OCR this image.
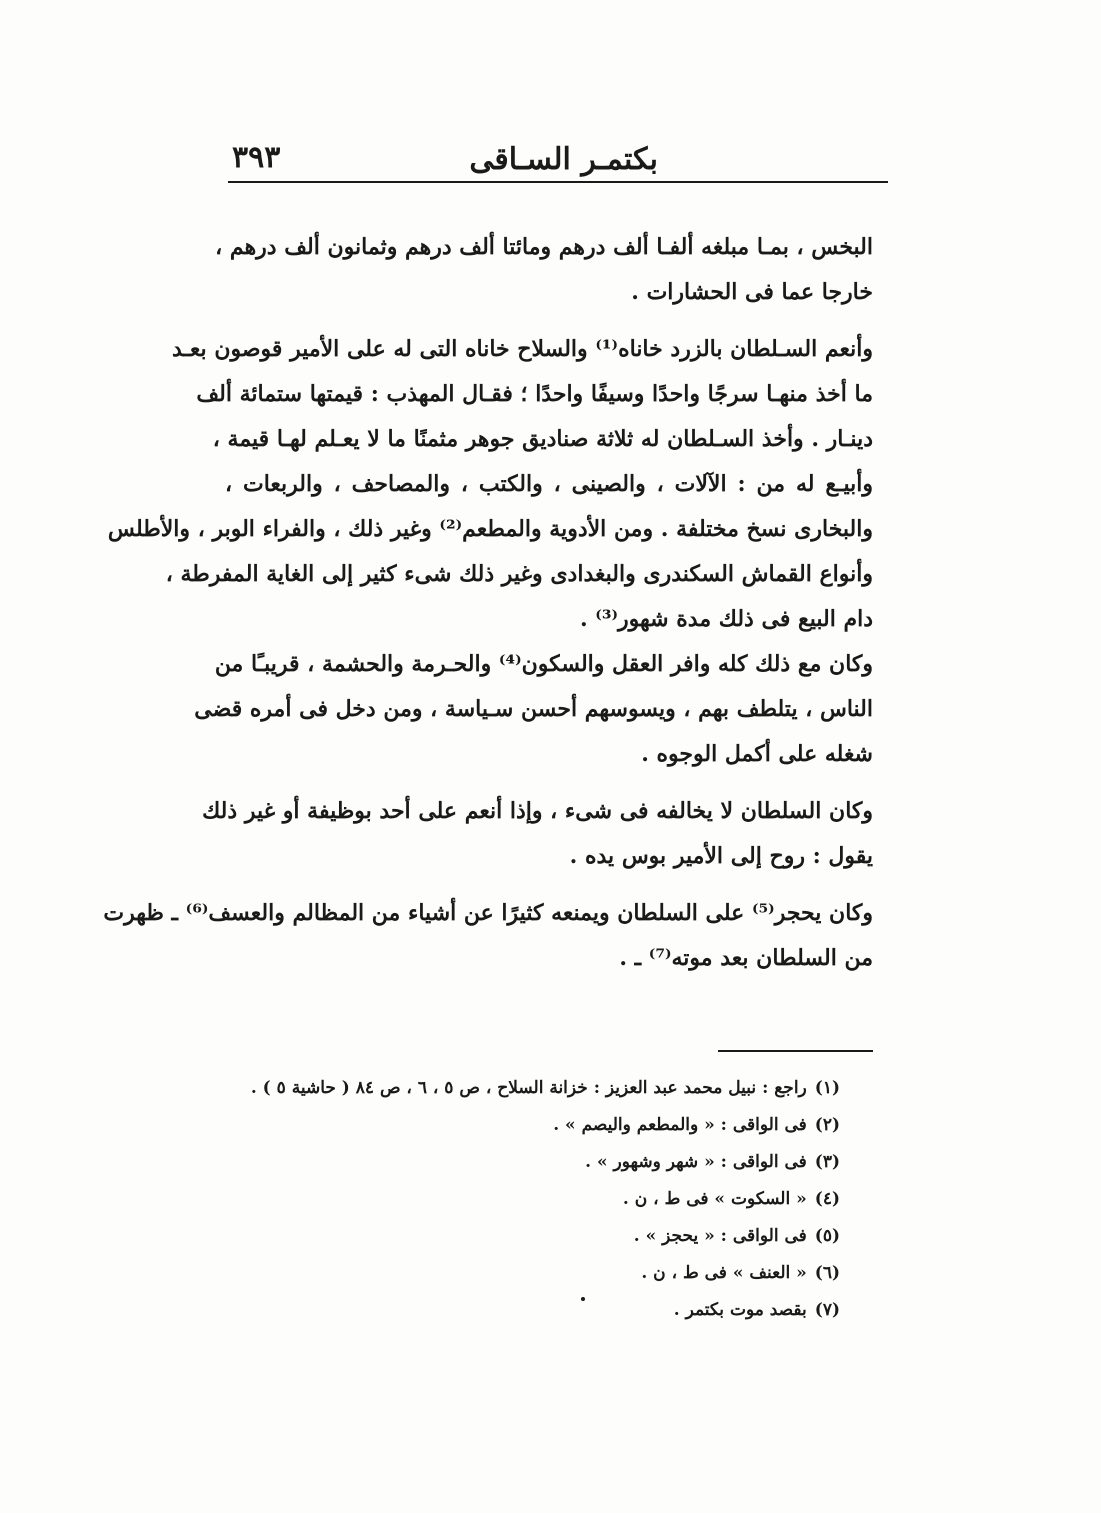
بكتمـر السـاقى
٣٩٣
البخس ، بمـا مبلغه ألفـا ألف درهم ومائتا ألف درهم وثمانون ألف درهم ،
خارجا عما فى الحشارات .
وأنعم السـلطان بالزرد خاناه⁽¹⁾ والسلاح خاناه التى له على الأمير قوصون بعـد
ما أخذ منهـا سرجًا واحدًا وسيفًا واحدًا ؛ فقـال المهذب : قيمتها ستمائة ألف
دينـار . وأخذ السـلطان له ثلاثة صناديق جوهر مثمنًا ما لا يعـلم لهـا قيمة ،
وأبيـع له من : الآلات ، والصينى ، والكتب ، والمصاحف ، والربعات ،
والبخارى نسخ مختلفة . ومن الأدوية والمطعم⁽²⁾ وغير ذلك ، والفراء الوبر ، والأطلس
وأنواع القماش السكندرى والبغدادى وغير ذلك شىء كثير إلى الغاية المفرطة ،
دام البيع فى ذلك مدة شهور⁽³⁾ .
وكان مع ذلك كله وافر العقل والسكون⁽⁴⁾ والحـرمة والحشمة ، قريبـًا من
الناس ، يتلطف بهم ، ويسوسهم أحسن سـياسة ، ومن دخل فى أمره قضى
شغله على أكمل الوجوه .
وكان السلطان لا يخالفه فى شىء ، وإذا أنعم على أحد بوظيفة أو غير ذلك
يقول : روح إلى الأمير بوس يده .
وكان يحجر⁽⁵⁾ على السلطان ويمنعه كثيرًا عن أشياء من المظالم والعسف⁽⁶⁾ ـ ظهرت
من السلطان بعد موته⁽⁷⁾ ـ .
(١)راجع : نبيل محمد عبد العزيز : خزانة السلاح ، ص ٥ ، ٦ ، ص ٨٤ ( حاشية ٥ ) .
(٢)فى الواقى : « والمطعم واليصم » .
(٣)فى الواقى : « شهر وشهور » .
(٤)« السكوت » فى ط ، ن .
(٥)فى الواقى : « يحجز » .
(٦)« العنف » فى ط ، ن .
(٧)بقصد موت بكتمر .
